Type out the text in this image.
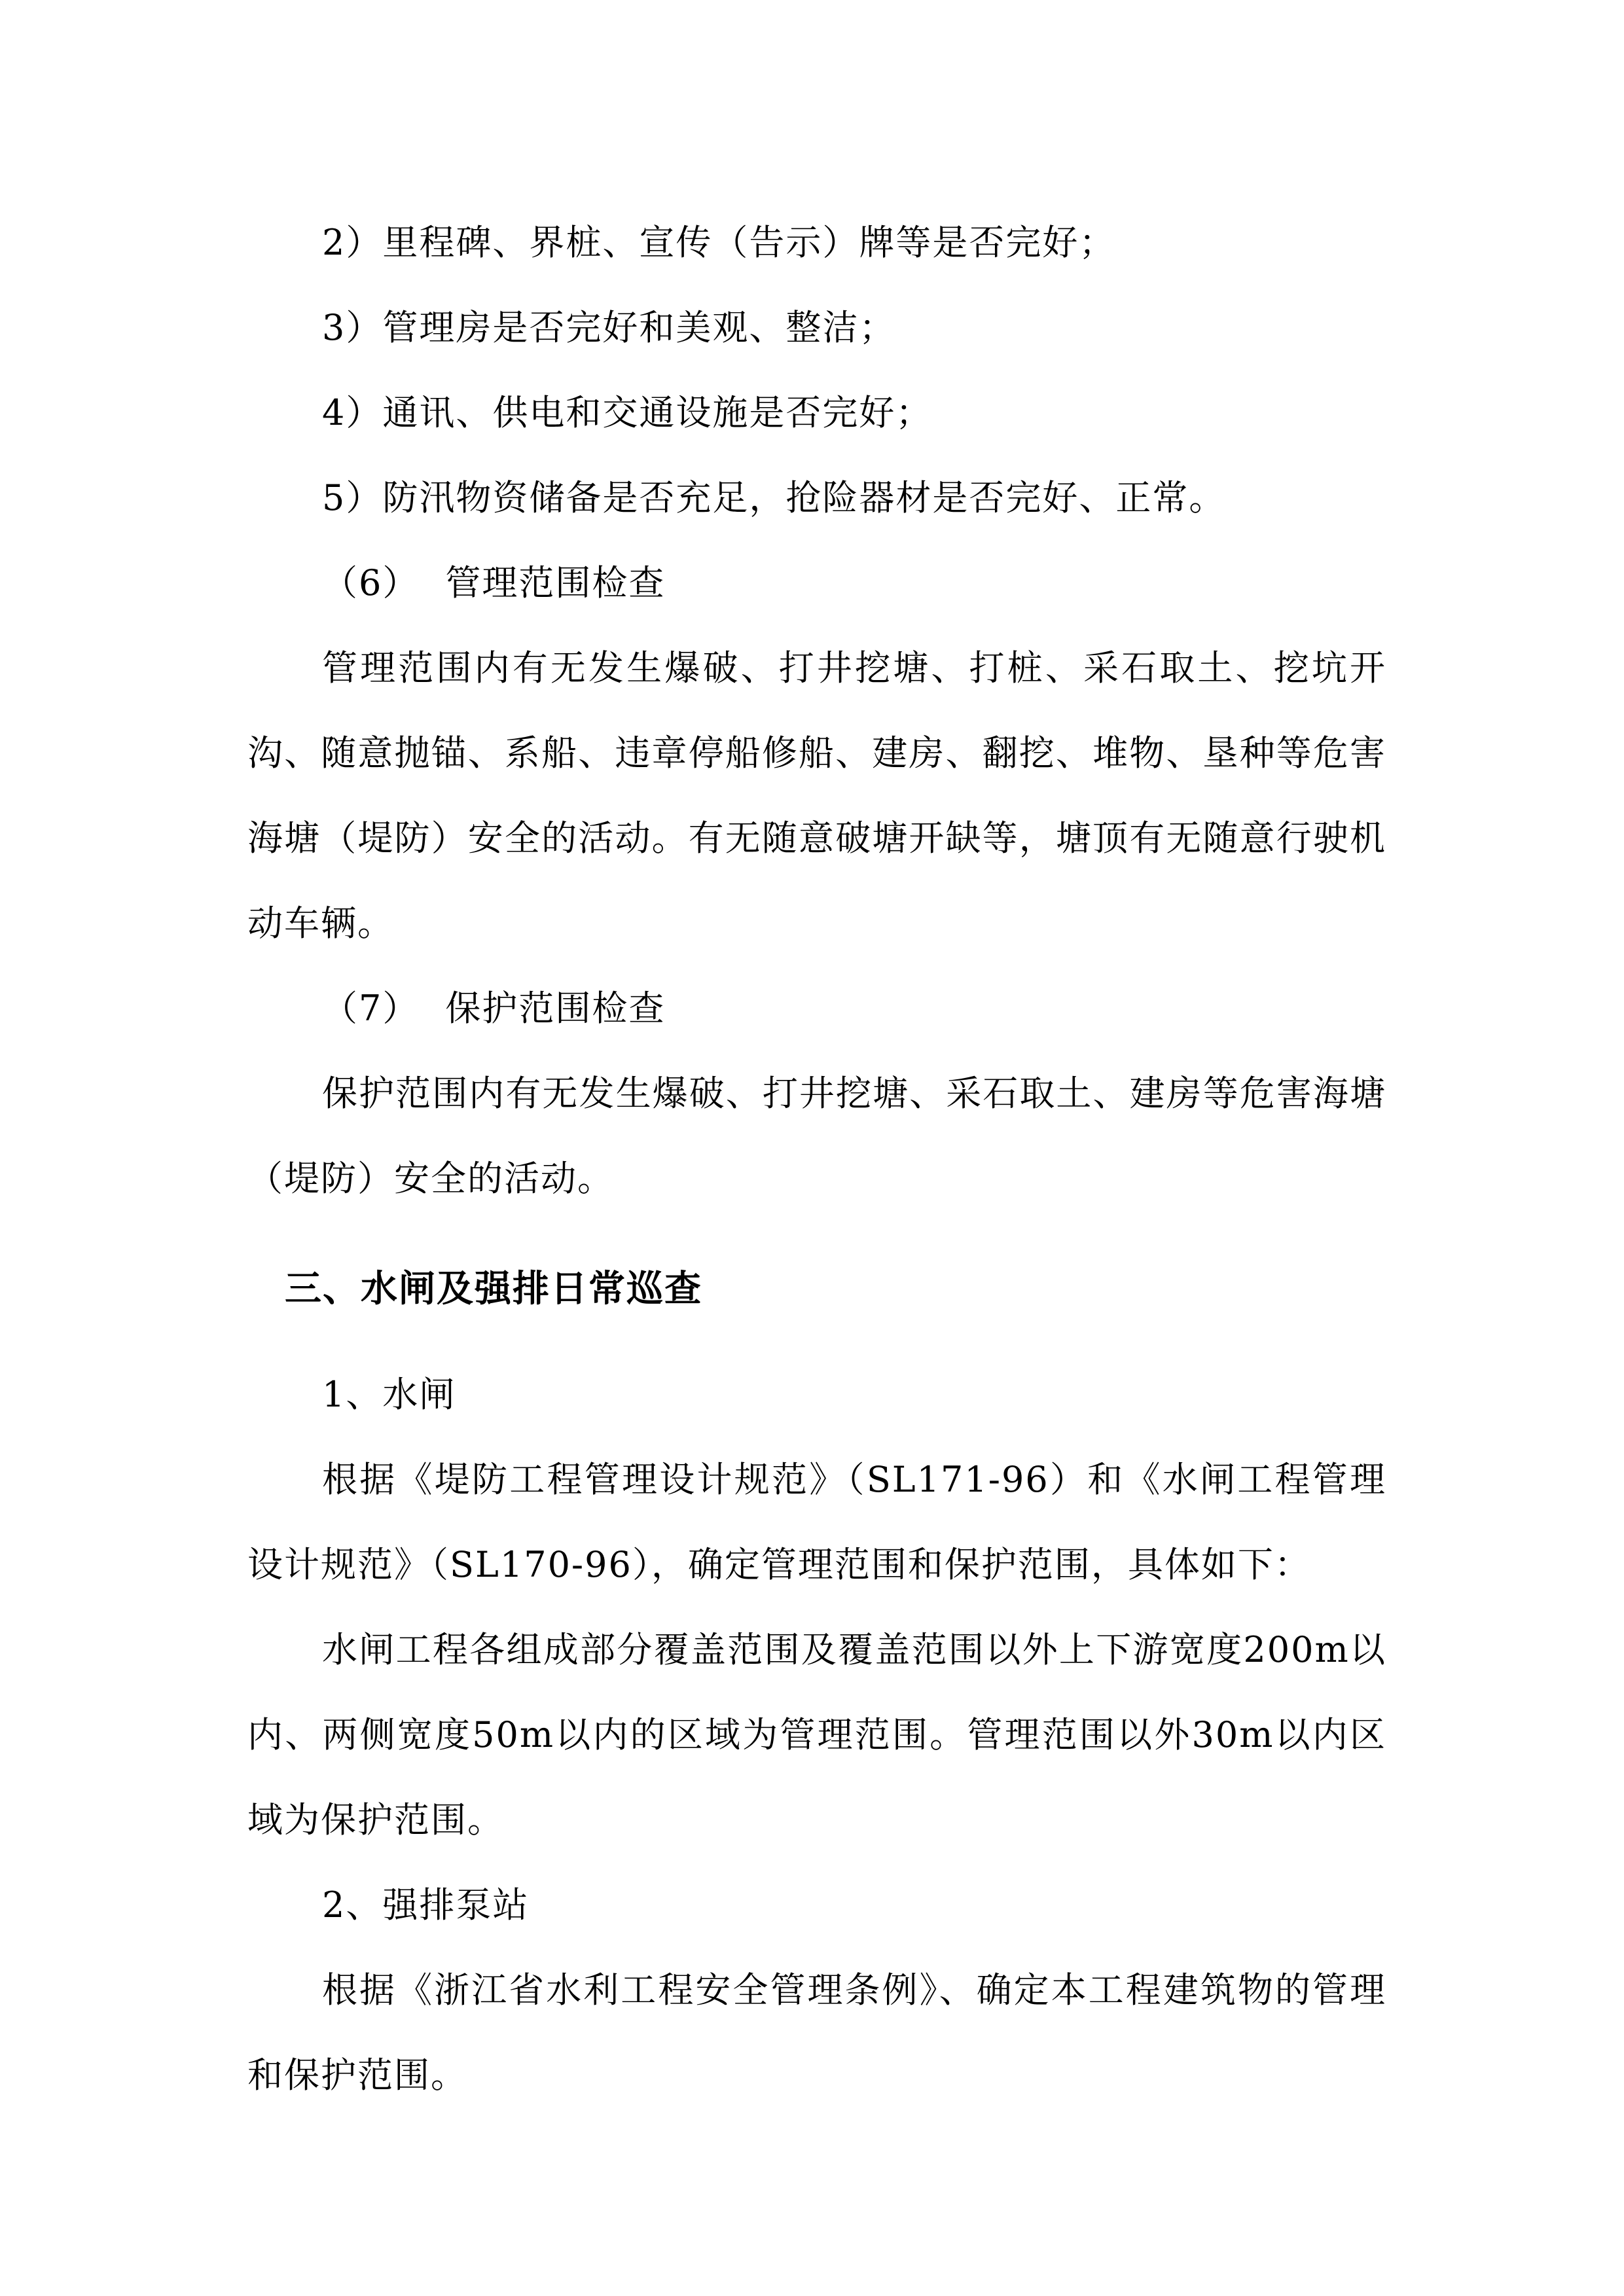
2）里程碑、界桩、宣传（告示）牌等是否完好；

3）管理房是否完好和美观、整洁；

4）通讯、供电和交通设施是否完好；

5）防汛物资储备是否充足，抢险器材是否完好、正常。

（6） 管理范围检查

管理范围内有无发生爆破、打井挖塘、打桩、采石取土、挖坑开沟、随意抛锚、系船、违章停船修船、建房、翻挖、堆物、垦种等危害海塘（堤防）安全的活动。有无随意破塘开缺等，塘顶有无随意行驶机动车辆。

（7） 保护范围检查

保护范围内有无发生爆破、打井挖塘、采石取土、建房等危害海塘（堤防）安全的活动。

三、水闸及强排日常巡查

1、水闸

根据《堤防工程管理设计规范》（SL171-96）和《水闸工程管理设计规范》（SL170-96），确定管理范围和保护范围，具体如下：

水闸工程各组成部分覆盖范围及覆盖范围以外上下游宽度200m以内、两侧宽度50m以内的区域为管理范围。管理范围以外30m以内区域为保护范围。

2、强排泵站

根据《浙江省水利工程安全管理条例》、确定本工程建筑物的管理和保护范围。
